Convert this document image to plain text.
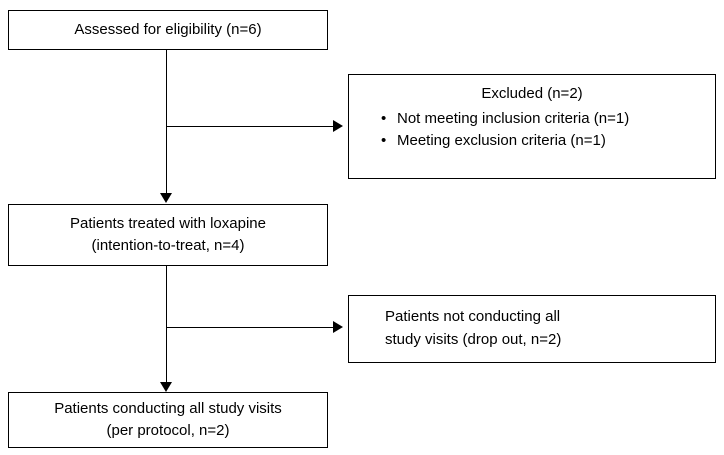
Assessed for eligibility (n=6)
Excluded (n=2)
• Not meeting inclusion criteria (n=1)
• Meeting exclusion criteria (n=1)
Patients treated with loxapine
(intention-to-treat, n=4)
Patients not conducting all
study visits (drop out, n=2)
Patients conducting all study visits
(per protocol, n=2)
